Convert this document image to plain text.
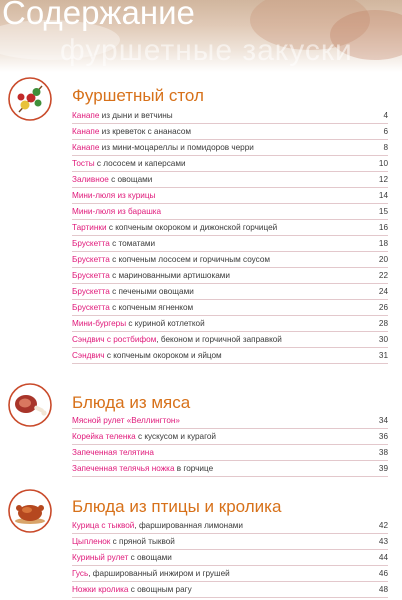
фуршетные закуски
Содержание
Фуршетный стол
Канапе из дыни и ветчины	4
Канапе из креветок с ананасом	6
Канапе из мини-моцареллы и помидоров черри	8
Тосты с лососем и каперсами	10
Заливное с овощами	12
Мини-люля из курицы	14
Мини-люля из барашка	15
Тартинки с копченым окороком и дижонской горчицей	16
Брускетта с томатами	18
Брускетта с копченым лососем и горчичным соусом	20
Брускетта с маринованными артишоками	22
Брускетта с печеными овощами	24
Брускетта с копченым ягненком	26
Мини-бургеры с куриной котлеткой	28
Сэндвич с ростбифом, беконом и горчичной заправкой	30
Сэндвич с копченым окороком и яйцом	31
Блюда из мяса
Мясной рулет «Веллингтон»	34
Корейка теленка с кускусом и курагой	36
Запеченная телятина	38
Запеченная телячья ножка в горчице	39
Блюда из птицы и кролика
Курица с тыквой, фаршированная лимонами	42
Цыпленок с пряной тыквой	43
Куриный рулет с овощами	44
Гусь, фаршированный инжиром и грушей	46
Ножки кролика с овощным рагу	48
